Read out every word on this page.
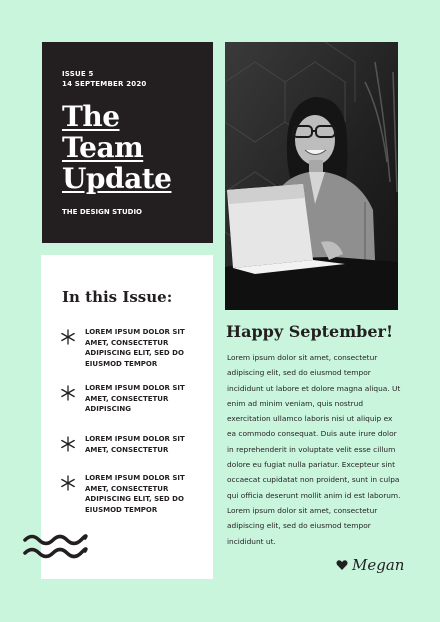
ISSUE 5
14 SEPTEMBER 2020
The
Team
Update
THE DESIGN STUDIO
In this Issue:
LOREM IPSUM DOLOR SIT AMET, CONSECTETUR ADIPISCING ELIT, SED DO EIUSMOD TEMPOR
LOREM IPSUM DOLOR SIT AMET, CONSECTETUR ADIPISCING
LOREM IPSUM DOLOR SIT AMET, CONSECTETUR
LOREM IPSUM DOLOR SIT AMET, CONSECTETUR ADIPISCING ELIT, SED DO EIUSMOD TEMPOR
Happy September!
Lorem ipsum dolor sit amet, consectetur adipiscing elit, sed do eiusmod tempor incididunt ut labore et dolore magna aliqua. Ut enim ad minim veniam, quis nostrud exercitation ullamco laboris nisi ut aliquip ex ea commodo consequat. Duis aute irure dolor in reprehenderit in voluptate velit esse cillum dolore eu fugiat nulla pariatur. Excepteur sint occaecat cupidatat non proident, sunt in culpa qui officia deserunt mollit anim id est laborum. Lorem ipsum dolor sit amet, consectetur adipiscing elit, sed do eiusmod tempor incididunt ut.
Megan
